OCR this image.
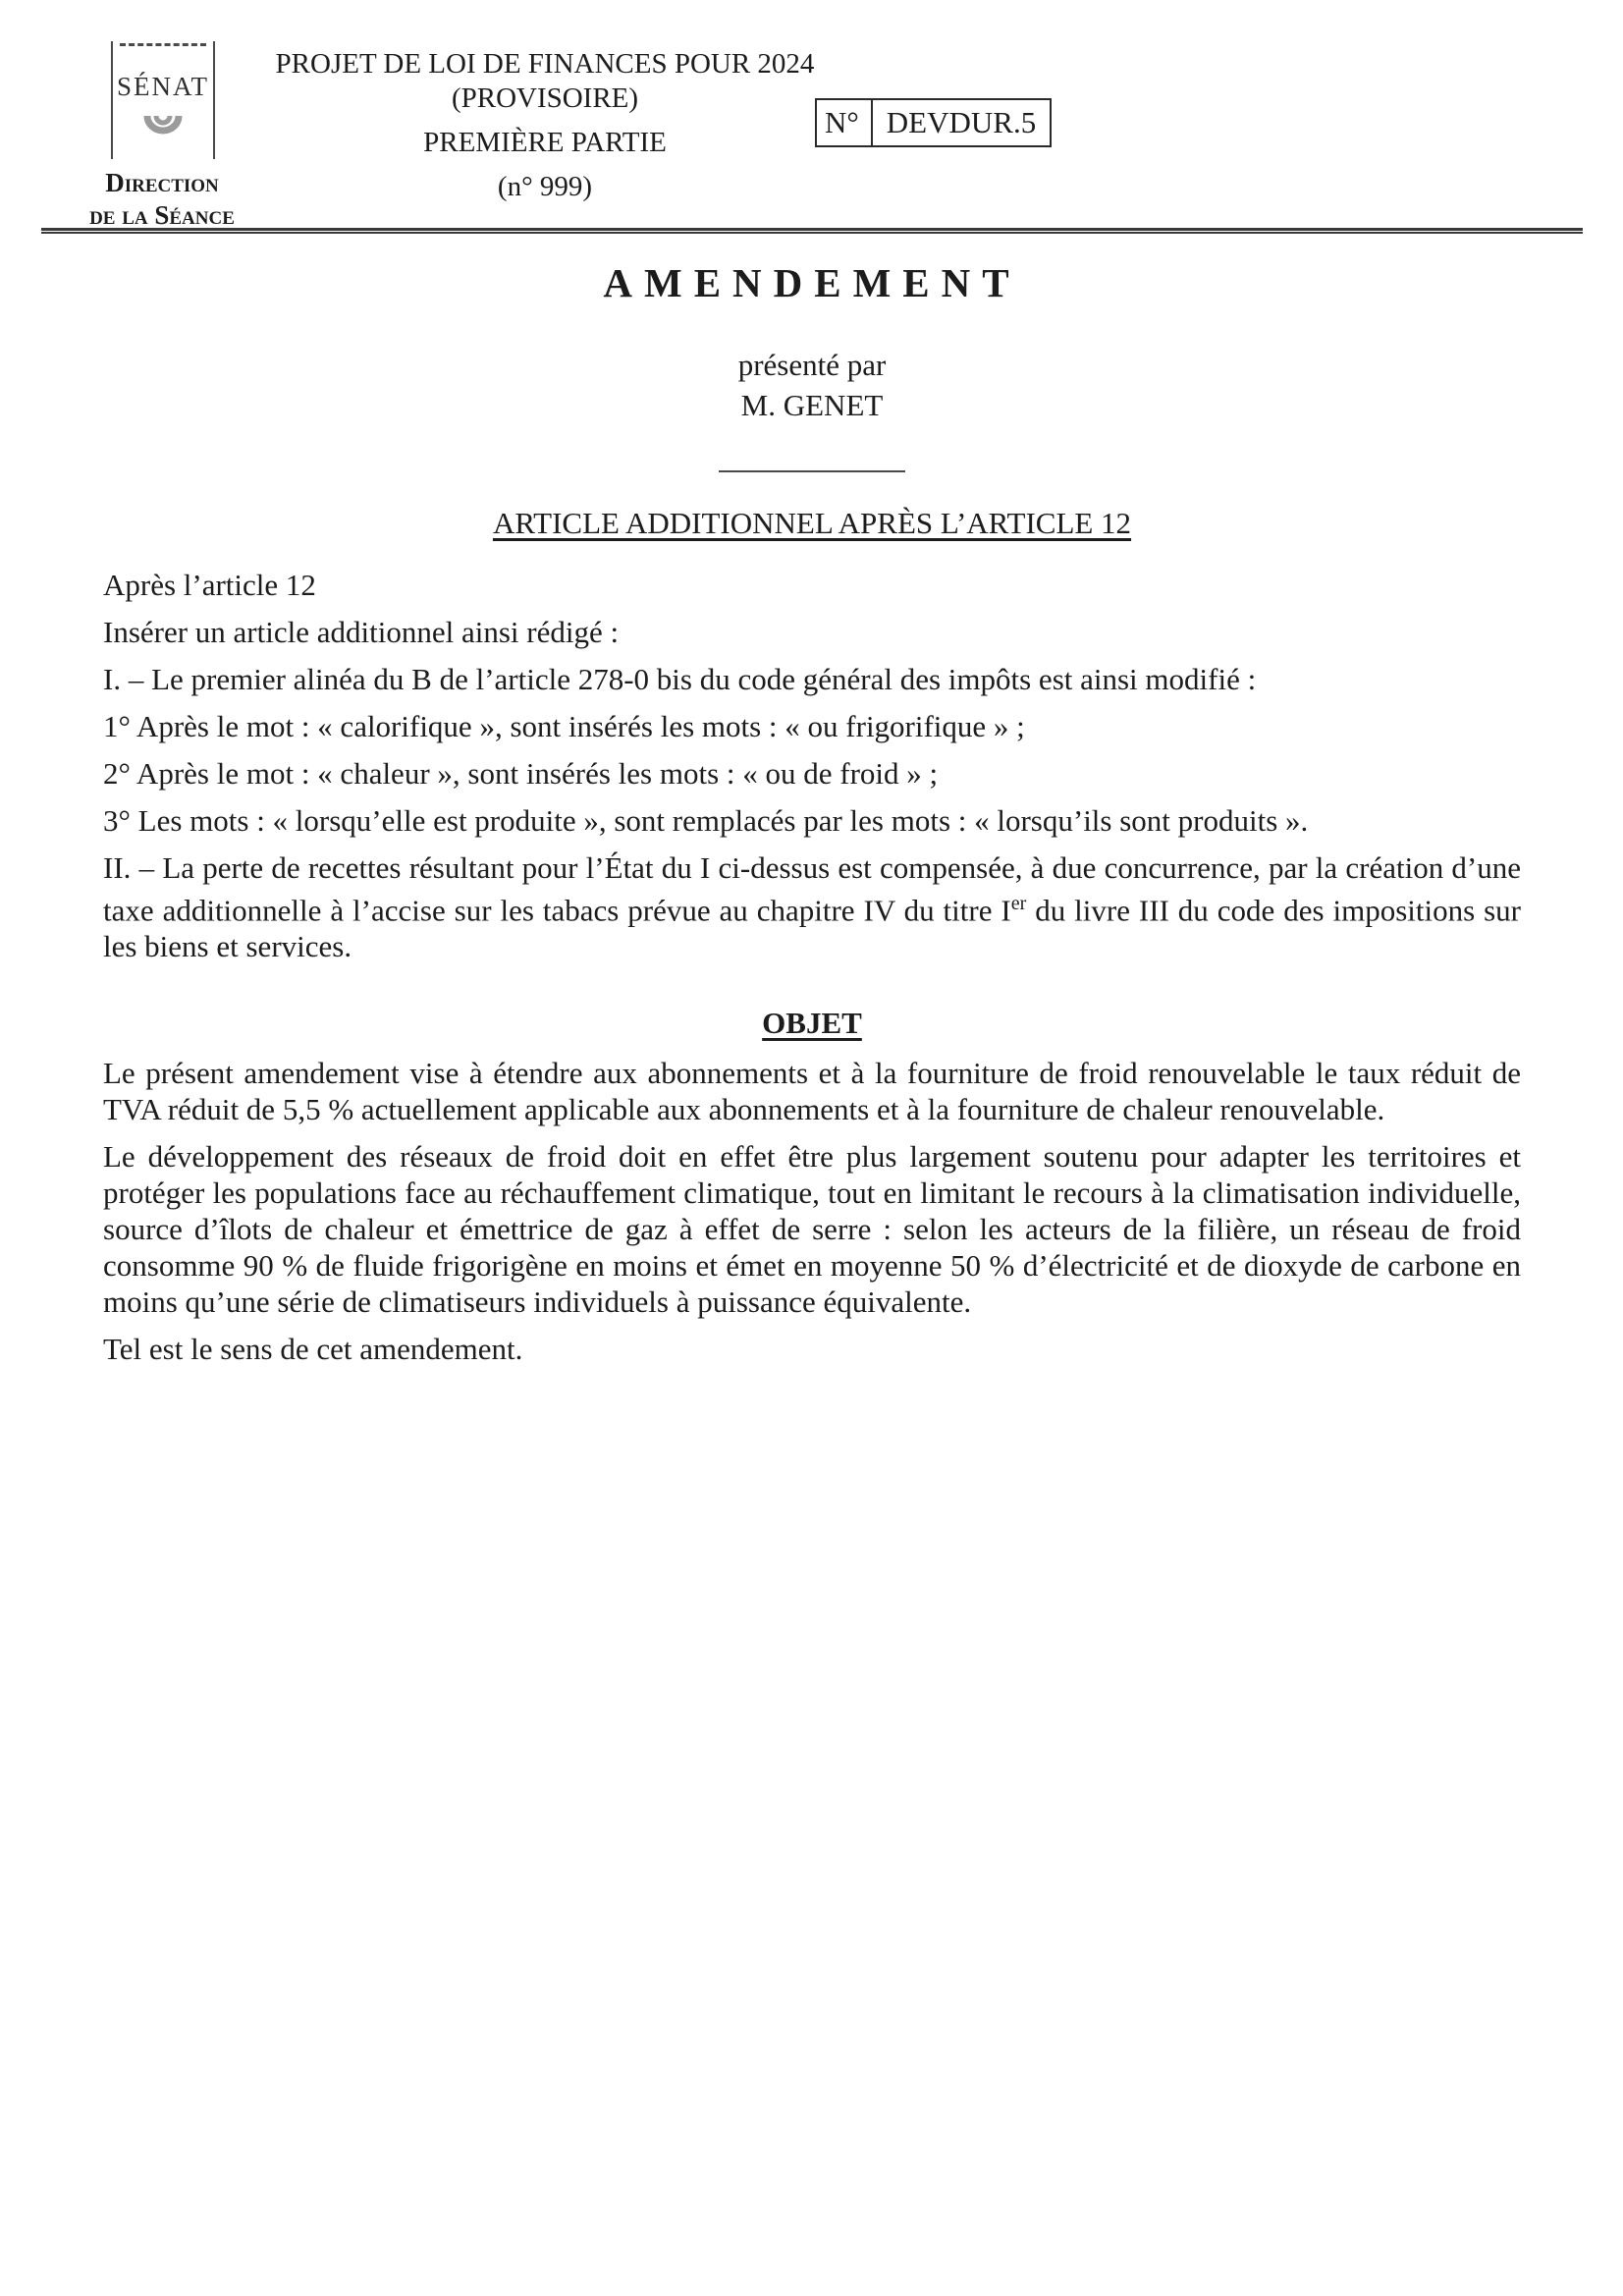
SÉNAT
Direction
de la Séance
PROJET DE LOI DE FINANCES POUR 2024
(PROVISOIRE)
PREMIÈRE PARTIE
(n° 999)
N° DEVDUR.5
AMENDEMENT

présenté par

M. GENET

ARTICLE ADDITIONNEL APRÈS L’ARTICLE 12

Après l’article 12

Insérer un article additionnel ainsi rédigé :

I. – Le premier alinéa du B de l’article 278-0 bis du code général des impôts est ainsi modifié :

1° Après le mot : « calorifique », sont insérés les mots : « ou frigorifique » ;

2° Après le mot : « chaleur », sont insérés les mots : « ou de froid » ;

3° Les mots : « lorsqu’elle est produite », sont remplacés par les mots : « lorsqu’ils sont produits ».

II. – La perte de recettes résultant pour l’État du I ci-dessus est compensée, à due concurrence, par la création d’une taxe additionnelle à l’accise sur les tabacs prévue au chapitre IV du titre Ier du livre III du code des impositions sur les biens et services.

OBJET

Le présent amendement vise à étendre aux abonnements et à la fourniture de froid renouvelable le taux réduit de TVA réduit de 5,5 % actuellement applicable aux abonnements et à la fourniture de chaleur renouvelable.

Le développement des réseaux de froid doit en effet être plus largement soutenu pour adapter les territoires et protéger les populations face au réchauffement climatique, tout en limitant le recours à la climatisation individuelle, source d’îlots de chaleur et émettrice de gaz à effet de serre : selon les acteurs de la filière, un réseau de froid consomme 90 % de fluide frigorigène en moins et émet en moyenne 50 % d’électricité et de dioxyde de carbone en moins qu’une série de climatiseurs individuels à puissance équivalente.

Tel est le sens de cet amendement.
